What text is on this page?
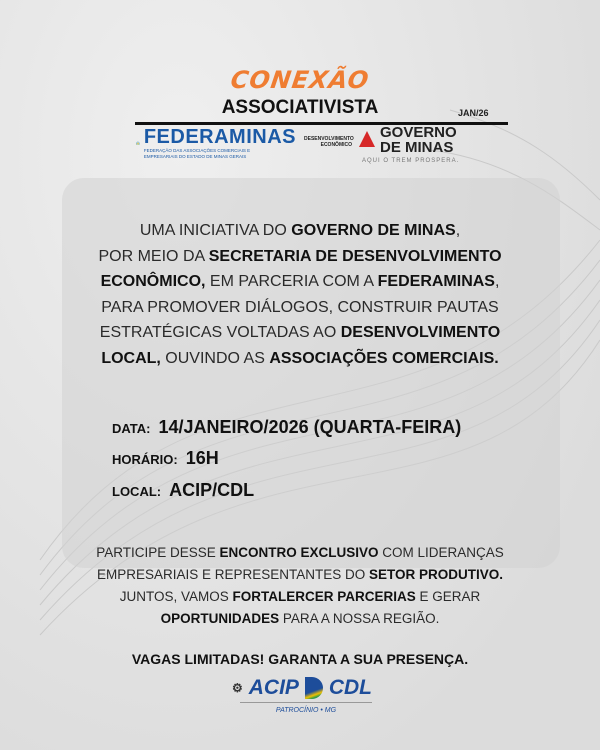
CONEXÃO
ASSOCIATIVISTA	JAN/26
FEDERAMINAS
FEDERAÇÃO DAS ASSOCIAÇÕES COMERCIAIS E EMPRESARIAIS DO ESTADO DE MINAS GERAIS
DESENVOLVIMENTO ECONÔMICO
GOVERNO
DE MINAS
AQUI O TREM PROSPERA.
UMA INICIATIVA DO GOVERNO DE MINAS,
POR MEIO DA SECRETARIA DE DESENVOLVIMENTO
ECONÔMICO, EM PARCERIA COM A FEDERAMINAS,
PARA PROMOVER DIÁLOGOS, CONSTRUIR PAUTAS
ESTRATÉGICAS VOLTADAS AO DESENVOLVIMENTO
LOCAL, OUVINDO AS ASSOCIAÇÕES COMERCIAIS.
DATA: 14/JANEIRO/2026 (QUARTA-FEIRA)
HORÁRIO: 16H
LOCAL: ACIP/CDL
PARTICIPE DESSE ENCONTRO EXCLUSIVO COM LIDERANÇAS
EMPRESARIAIS E REPRESENTANTES DO SETOR PRODUTIVO.
JUNTOS, VAMOS FORTALERCER PARCERIAS E GERAR
OPORTUNIDADES PARA A NOSSA REGIÃO.
VAGAS LIMITADAS! GARANTA A SUA PRESENÇA.
⚙ ACIP CDL
PATROCÍNIO • MG
